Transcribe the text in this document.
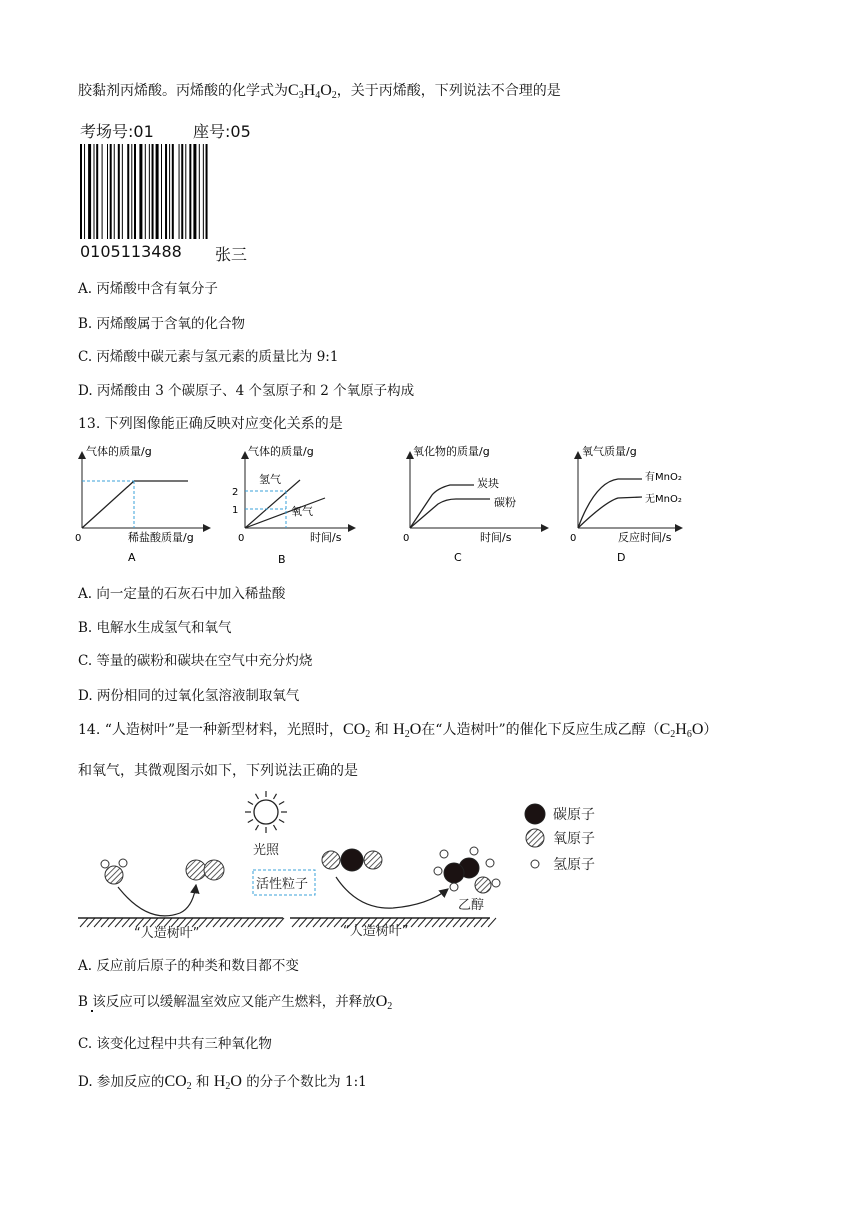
胶黏剂丙烯酸。丙烯酸的化学式为$C_3H_4O_2$，关于丙烯酸，下列说法不合理的是
考场号:01 座号:05
0105113488 张三
A. 丙烯酸中含有氧分子
B. 丙烯酸属于含氧的化合物
C. 丙烯酸中碳元素与氢元素的质量比为 9:1
D. 丙烯酸由 3 个碳原子、4 个氢原子和 2 个氧原子构成
13. 下列图像能正确反映对应变化关系的是
气体的质量/g
稀盐酸质量/g
0
A
气体的质量/g
时间/s
0
B
2
1
氢气
氧气
氧化物的质量/g
时间/s
0
C
炭块
碳粉
氧气质量/g
反应时间/s
0
D
有MnO₂
无MnO₂
A. 向一定量的石灰石中加入稀盐酸
B. 电解水生成氢气和氧气
C. 等量的碳粉和碳块在空气中充分灼烧
D. 两份相同的过氧化氢溶液制取氧气
14. “人造树叶”是一种新型材料，光照时，$CO_2$ 和 $H_2O$在“人造树叶”的催化下反应生成乙醇$(C_2H_6O)$
和氧气，其微观图示如下，下列说法正确的是
“人造树叶”	“人造树叶”
光照
活性粒子
乙醇
碳原子
氧原子
氢原子
A. 反应前后原子的种类和数目都不变
B 该反应可以缓解温室效应又能产生燃料，并释放$O_2$
C. 该变化过程中共有三种氧化物
D. 参加反应的$CO_2$ 和 $H_2O$ 的分子个数比为 1:1
